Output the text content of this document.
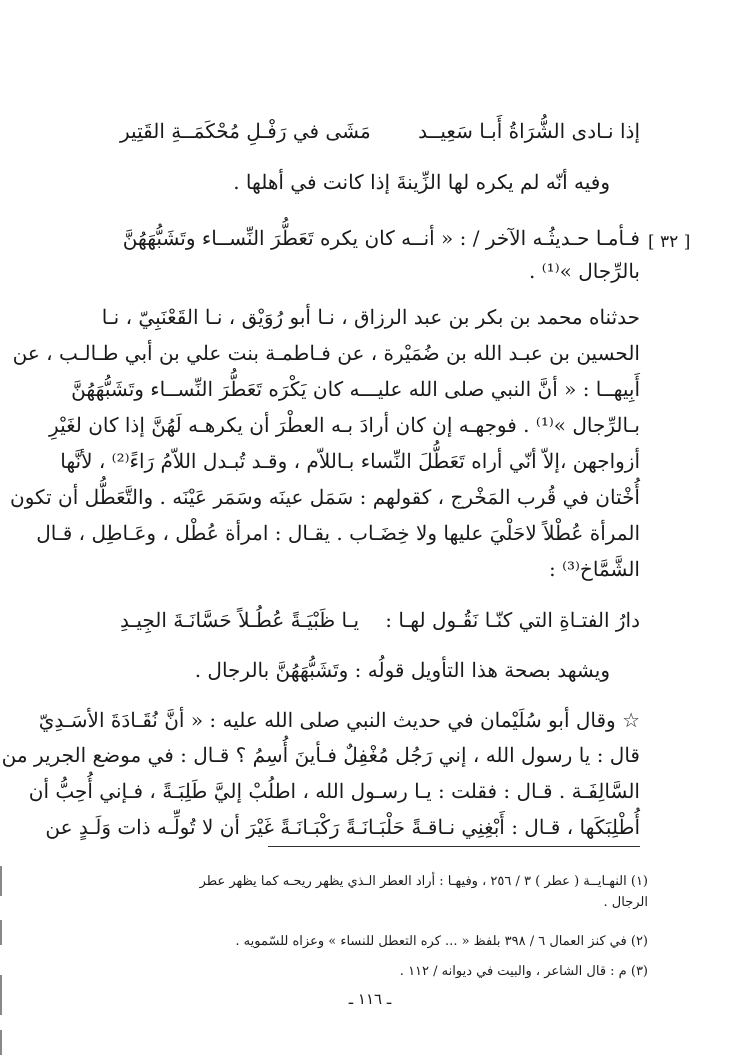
إذا نـادى الشُّرَاةُ أَبـا سَعِيــد
مَشَى في رَفْـلِ مُحْكَمَــةِ القَتِير
وفيه أنّه لم يكره لها الزِّينةَ إذا كانت في أهلها .
[ ٣٢ ]
فـأمـا حـديثُـه الآخر / : « أنــه كان يكره تَعَطُّرَ النِّســاء وتَشَبُّهَهُنَّ
بالرِّجال »⁽¹⁾ .
حدثناه محمد بن بكر بن عبد الرزاق ، نـا أبو رُوَيْق ، نـا القَعْنَبِيّ ، نـا
الحسين بن عبـد الله بن ضُمَيْرة ، عن فـاطمـة بنت علي بن أبي طـالـب ، عن
أَبِيهــا : « أنَّ النبي صلى الله عليـــه كان يَكْرَه تَعَطُّرَ النِّســاء وتَشَبُّهَهُنَّ
بـالرِّجال »⁽¹⁾ . فوجهـه إن كان أرادَ بـه العطْرَ أن يكرهـه لَهُنَّ إذا كان لغَيْرِ
أزواجهن ،إلاّ أنّي أراه تَعَطُّلَ النِّساء بـاللاّم ، وقـد تُبـدل اللاّمُ رَاءً⁽²⁾ ، لأنَّها
أُخْتان في قُرب المَخْرج ، كقولهم : سَمَل عينَه وسَمَر عَيْنَه . والتَّعَطُّل أن تكون
المرأة عُطْلاً لاحَلْيَ عليها ولا خِضَـاب . يقـال : امرأة عُطْل ، وعَـاطِل ، قـال
الشَّمَّاخ⁽³⁾ :
دارُ الفتـاةِ التي كنّـا نَقُـول لهـا :
يـا ظَبْيَـةً عُطُـلاً حَسَّانَـةَ الجِيـدِ
ويشهد بصحة هذا التأويل قولُه : وتَشَبُّهَهُنَّ بالرجال .
☆ وقال أبو سُلَيْمان في حديث النبي صلى الله عليه : « أنَّ نُقَـادَةَ الأسَـدِيّ
قال : يا رسول الله ، إني رَجُل مُغْفِلٌ فـأينَ أُسِمُ ؟ قـال : في موضع الجرير من
السَّالِفَـة . قـال : فقلت : يـا رسـول الله ، اطلُبْ إليَّ طَلِبَـةً ، فـإني أُحِبُّ أن
أُطْلِبَكَها ، قـال : أَبْغِنِي نـاقـةً حَلْبَـانَـةً رَكْبَـانَـةً غَيْرَ أن لا تُولِّـه ذات وَلَـدٍ عن
(١) النهـايــة ( عطر ) ٣ / ٢٥٦ ، وفيهـا : أراد العطر الـذي يظهر ريحـه كما يظهر عطر
الرجال .
(٢) في كنز العمال ٦ / ٣٩٨ بلفظ « ... كره التعطل للنساء » وعزاه للسّمويه .
(٣) م : قال الشاعر ، والبيت في ديوانه / ١١٢ .
ـ ١١٦ ـ
